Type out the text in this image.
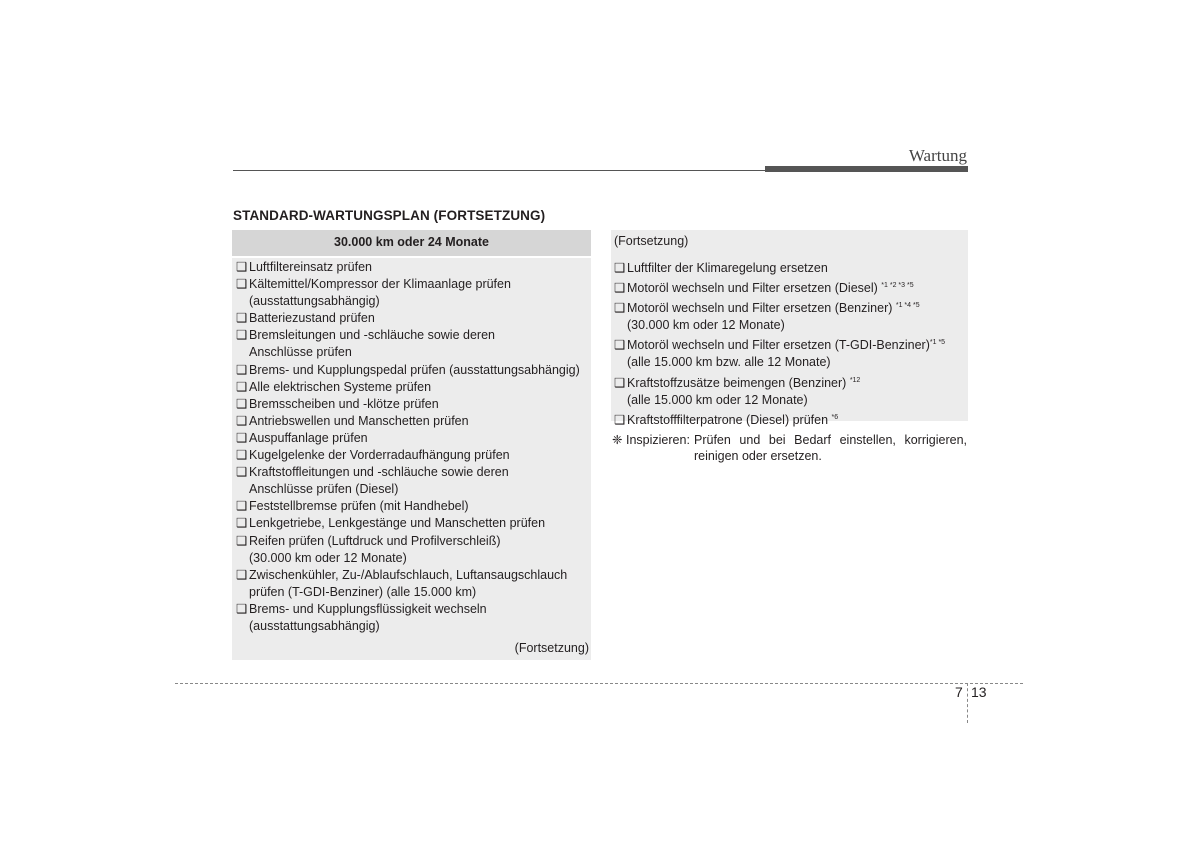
Wartung
STANDARD-WARTUNGSPLAN (FORTSETZUNG)
30.000 km oder 24 Monate
❑ Luftfiltereinsatz prüfen
❑ Kältemittel/Kompressor der Klimaanlage prüfen
(ausstattungsabhängig)
❑ Batteriezustand prüfen
❑ Bremsleitungen und -schläuche sowie deren
Anschlüsse prüfen
❑ Brems- und Kupplungspedal prüfen (ausstattungsabhängig)
❑ Alle elektrischen Systeme prüfen
❑ Bremsscheiben und -klötze prüfen
❑ Antriebswellen und Manschetten prüfen
❑ Auspuffanlage prüfen
❑ Kugelgelenke der Vorderradaufhängung prüfen
❑ Kraftstoffleitungen und -schläuche sowie deren
Anschlüsse prüfen (Diesel)
❑ Feststellbremse prüfen (mit Handhebel)
❑ Lenkgetriebe, Lenkgestänge und Manschetten prüfen
❑ Reifen prüfen (Luftdruck und Profilverschleiß)
(30.000 km oder 12 Monate)
❑ Zwischenkühler, Zu-/Ablaufschlauch, Luftansaugschlauch
prüfen (T-GDI-Benziner) (alle 15.000 km)
❑ Brems- und Kupplungsflüssigkeit wechseln
(ausstattungsabhängig)
(Fortsetzung)
(Fortsetzung)
❑ Luftfilter der Klimaregelung ersetzen
❑ Motoröl wechseln und Filter ersetzen (Diesel) $^{*1 *2 *3 *5}$
❑ Motoröl wechseln und Filter ersetzen (Benziner) $^{*1 *4 *5}$
(30.000 km oder 12 Monate)
❑ Motoröl wechseln und Filter ersetzen (T-GDI-Benziner)$^{*1 *5}$
(alle 15.000 km bzw. alle 12 Monate)
❑ Kraftstoffzusätze beimengen (Benziner) $^{*12}$
(alle 15.000 km oder 12 Monate)
❑ Kraftstofffilterpatrone (Diesel) prüfen $^{*6}$
❈ Inspizieren: Prüfen und bei Bedarf einstellen, korrigieren,
reinigen oder ersetzen.
7 13
